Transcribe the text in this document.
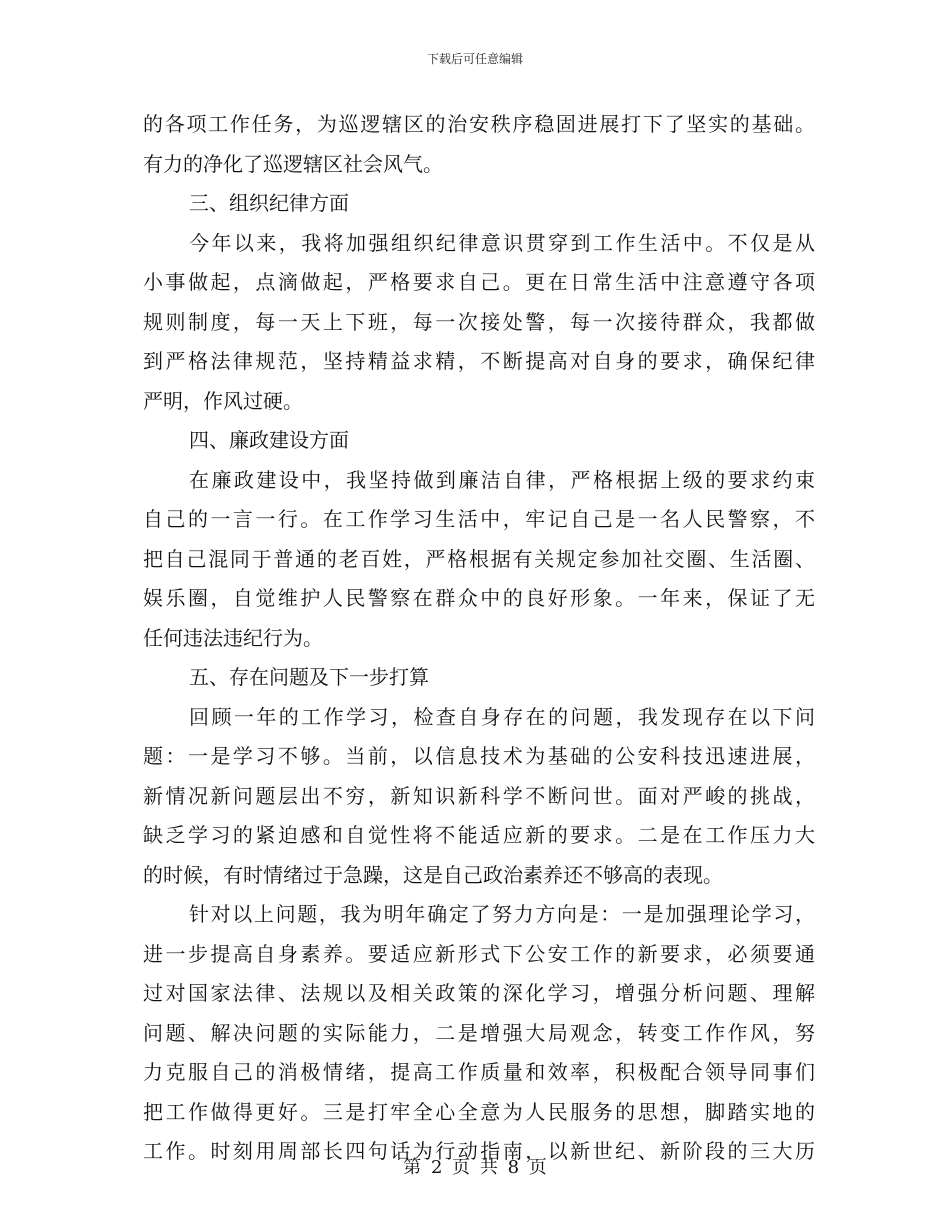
下载后可任意编辑
的各项工作任务，为巡逻辖区的治安秩序稳固进展打下了坚实的基础。
有力的净化了巡逻辖区社会风气。
三、组织纪律方面
今年以来，我将加强组织纪律意识贯穿到工作生活中。不仅是从
小事做起，点滴做起，严格要求自己。更在日常生活中注意遵守各项
规则制度，每一天上下班，每一次接处警，每一次接待群众，我都做
到严格法律规范，坚持精益求精，不断提高对自身的要求，确保纪律
严明，作风过硬。
四、廉政建设方面
在廉政建设中，我坚持做到廉洁自律，严格根据上级的要求约束
自己的一言一行。在工作学习生活中，牢记自己是一名人民警察，不
把自己混同于普通的老百姓，严格根据有关规定参加社交圈、生活圈、
娱乐圈，自觉维护人民警察在群众中的良好形象。一年来，保证了无
任何违法违纪行为。
五、存在问题及下一步打算
回顾一年的工作学习，检查自身存在的问题，我发现存在以下问
题：一是学习不够。当前，以信息技术为基础的公安科技迅速进展，
新情况新问题层出不穷，新知识新科学不断问世。面对严峻的挑战，
缺乏学习的紧迫感和自觉性将不能适应新的要求。二是在工作压力大
的时候，有时情绪过于急躁，这是自己政治素养还不够高的表现。
针对以上问题，我为明年确定了努力方向是：一是加强理论学习，
进一步提高自身素养。要适应新形式下公安工作的新要求，必须要通
过对国家法律、法规以及相关政策的深化学习，增强分析问题、理解
问题、解决问题的实际能力，二是增强大局观念，转变工作作风，努
力克服自己的消极情绪，提高工作质量和效率，积极配合领导同事们
把工作做得更好。三是打牢全心全意为人民服务的思想，脚踏实地的
工作。时刻用周部长四句话为行动指南，以新世纪、新阶段的三大历
第 2 页 共 8 页
